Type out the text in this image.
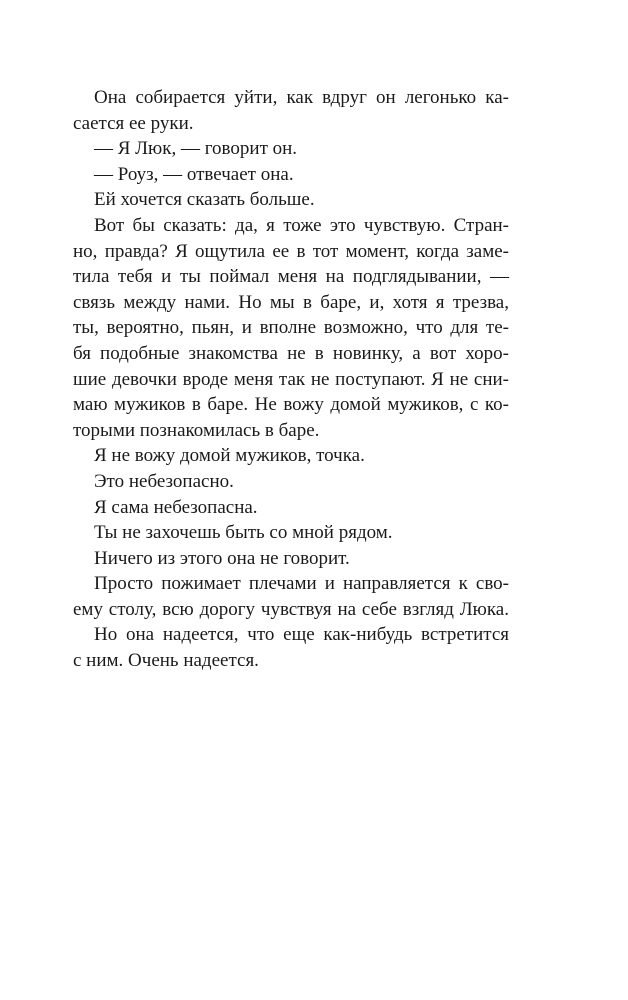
Она собирается уйти, как вдруг он легонько ка-
сается ее руки.
— Я Люк, — говорит он.
— Роуз, — отвечает она.
Ей хочется сказать больше.
Вот бы сказать: да, я тоже это чувствую. Стран-
но, правда? Я ощутила ее в тот момент, когда заме-
тила тебя и ты поймал меня на подглядывании, —
связь между нами. Но мы в баре, и, хотя я трезва,
ты, вероятно, пьян, и вполне возможно, что для те-
бя подобные знакомства не в новинку, а вот хоро-
шие девочки вроде меня так не поступают. Я не сни-
маю мужиков в баре. Не вожу домой мужиков, с ко-
торыми познакомилась в баре.
Я не вожу домой мужиков, точка.
Это небезопасно.
Я сама небезопасна.
Ты не захочешь быть со мной рядом.
Ничего из этого она не говорит.
Просто пожимает плечами и направляется к сво-
ему столу, всю дорогу чувствуя на себе взгляд Люка.
Но она надеется, что еще как-нибудь встретится
с ним. Очень надеется.
